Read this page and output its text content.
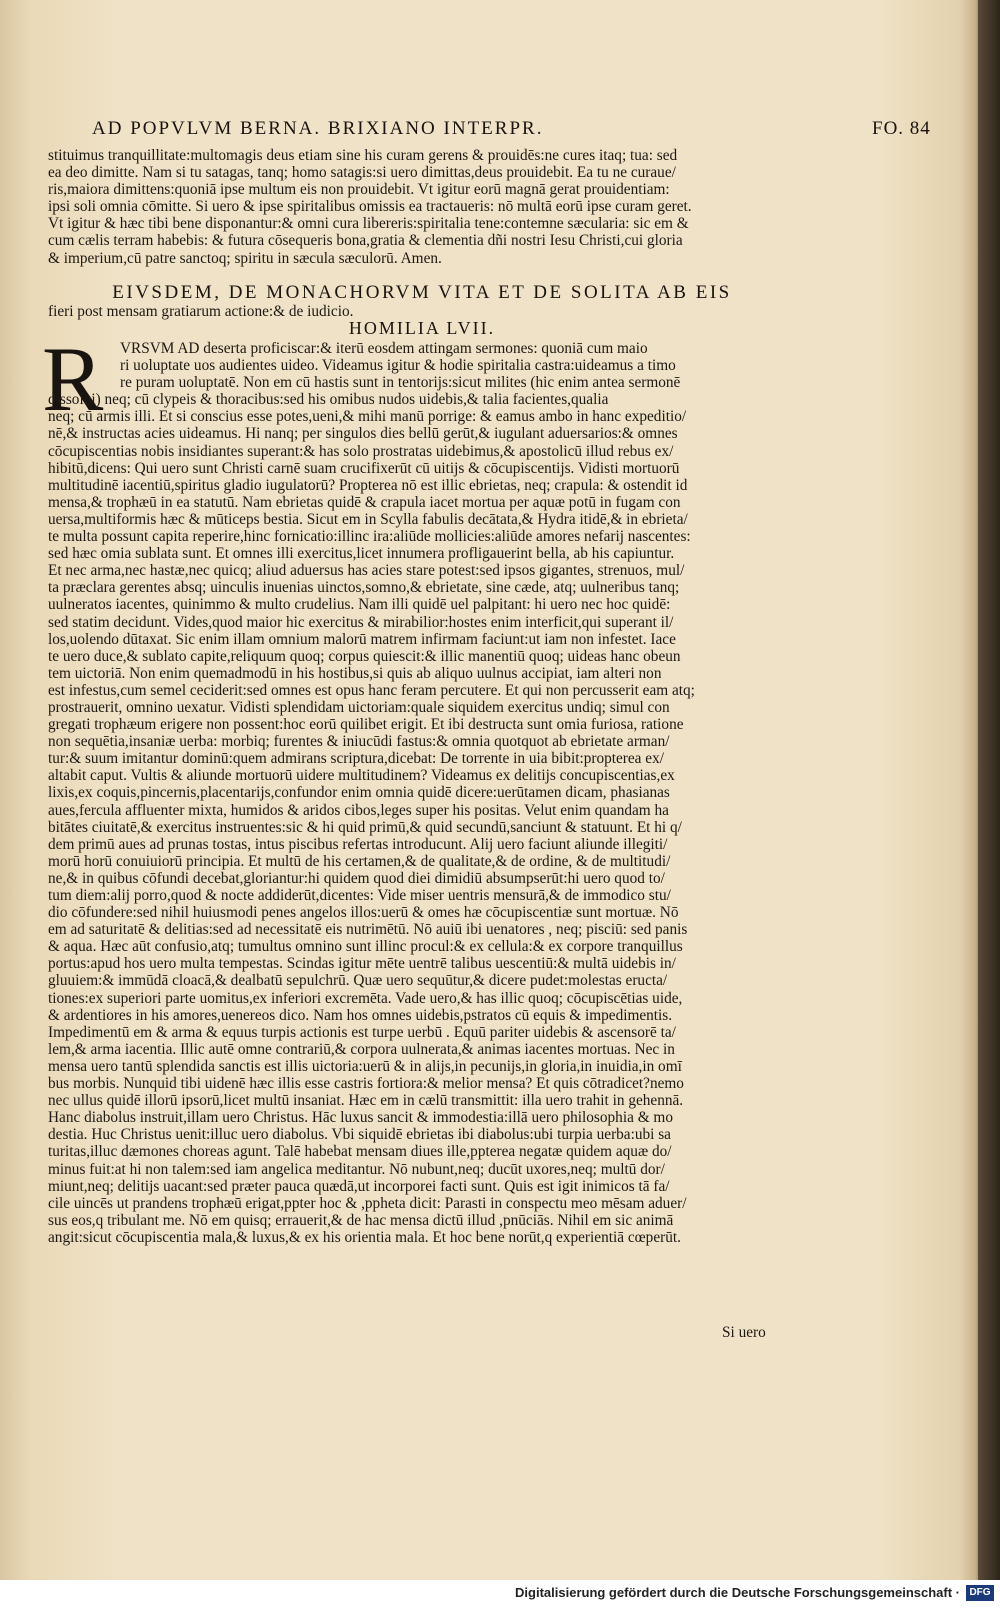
AD POPVLVM BERNA. BRIXIANO INTERPR.	FO. 84
stituimus tranquillitate:multomagis deus etiam sine his curam gerens & prouidēs:ne cures itaq; tua: sed
ea deo dimitte. Nam si tu satagas, tanq; homo satagis:si uero dimittas,deus prouidebit. Ea tu ne curaue/
ris,maiora dimittens:quoniā ipse multum eis non prouidebit. Vt igitur eorū magnā gerat prouidentiam:
ipsi soli omnia cōmitte. Si uero & ipse spiritalibus omissis ea tractaueris: nō multā eorū ipse curam geret.
Vt igitur & hæc tibi bene disponantur:& omni cura libereris:spiritalia tene:contemne sæcularia: sic em &
cum cælis terram habebis: & futura cōsequeris bona,gratia & clementia dñi nostri Iesu Christi,cui gloria
& imperium,cū patre sanctoq; spiritu in sæcula sæculorū. Amen.
EIVSDEM, DE MONACHORVM VITA ET DE SOLITA AB EIS
fieri post mensam gratiarum actione:& de iudicio.
HOMILIA LVII.
R	VRSVM AD deserta proficiscar:& iterū eosdem attingam sermones: quoniā cum maio
ri uoluptate uos audientes uideo. Videamus igitur & hodie spiritalia castra:uideamus a timo
re puram uoluptatē. Non em cū hastis sunt in tentorijs:sicut milites (hic enim antea sermonē
dissolui) neq; cū clypeis & thoracibus:sed his omibus nudos uidebis,& talia facientes,qualia
neq; cū armis illi. Et si conscius esse potes,ueni,& mihi manū porrige: & eamus ambo in hanc expeditio/
nē,& instructas acies uideamus. Hi nanq; per singulos dies bellū gerūt,& iugulant aduersarios:& omnes
cōcupiscentias nobis insidiantes superant:& has solo prostratas uidebimus,& apostolicū illud rebus ex/
hibitū,dicens: Qui uero sunt Christi carnē suam crucifixerūt cū uitijs & cōcupiscentijs. Vidisti mortuorū
multitudinē iacentiū,spiritus gladio iugulatorū? Propterea nō est illic ebrietas, neq; crapula: & ostendit id
mensa,& trophæū in ea statutū. Nam ebrietas quidē & crapula iacet mortua per aquæ potū in fugam con
uersa,multiformis hæc & mūticeps bestia. Sicut em in Scylla fabulis decātata,& Hydra itidē,& in ebrieta/
te multa possunt capita reperire,hinc fornicatio:illinc ira:aliūde mollicies:aliūde amores nefarij nascentes:
sed hæc omia sublata sunt. Et omnes illi exercitus,licet innumera profligauerint bella, ab his capiuntur.
Et nec arma,nec hastæ,nec quicq; aliud aduersus has acies stare potest:sed ipsos gigantes, strenuos, mul/
ta præclara gerentes absq; uinculis inuenias uinctos,somno,& ebrietate, sine cæde, atq; uulneribus tanq;
uulneratos iacentes, quinimmo & multo crudelius. Nam illi quidē uel palpitant: hi uero nec hoc quidē:
sed statim decidunt. Vides,quod maior hic exercitus & mirabilior:hostes enim interficit,qui superant il/
los,uolendo dūtaxat. Sic enim illam omnium malorū matrem infirmam faciunt:ut iam non infestet. Iace
te uero duce,& sublato capite,reliquum quoq; corpus quiescit:& illic manentiū quoq; uideas hanc obeun
tem uictoriā. Non enim quemadmodū in his hostibus,si quis ab aliquo uulnus accipiat, iam alteri non
est infestus,cum semel ceciderit:sed omnes est opus hanc feram percutere. Et qui non percusserit eam atq;
prostrauerit, omnino uexatur. Vidisti splendidam uictoriam:quale siquidem exercitus undiq; simul con
gregati trophæum erigere non possent:hoc eorū quilibet erigit. Et ibi destructa sunt omia furiosa, ratione
non sequētia,insaniæ uerba: morbiq; furentes & iniucūdi fastus:& omnia quotquot ab ebrietate arman/
tur:& suum imitantur dominū:quem admirans scriptura,dicebat: De torrente in uia bibit:propterea ex/
altabit caput. Vultis & aliunde mortuorū uidere multitudinem? Videamus ex delitijs concupiscentias,ex
lixis,ex coquis,pincernis,placentarijs,confundor enim omnia quidē dicere:uerūtamen dicam, phasianas
aues,fercula affluenter mixta, humidos & aridos cibos,leges super his positas. Velut enim quandam ha
bitātes ciuitatē,& exercitus instruentes:sic & hi quid primū,& quid secundū,sanciunt & statuunt. Et hi q/
dem primū aues ad prunas tostas, intus piscibus refertas introducunt. Alij uero faciunt aliunde illegiti/
morū horū conuiuiorū principia. Et multū de his certamen,& de qualitate,& de ordine, & de multitudi/
ne,& in quibus cōfundi decebat,gloriantur:hi quidem quod diei dimidiū absumpserūt:hi uero quod to/
tum diem:alij porro,quod & nocte addiderūt,dicentes: Vide miser uentris mensurā,& de immodico stu/
dio cōfundere:sed nihil huiusmodi penes angelos illos:uerū & omes hæ cōcupiscentiæ sunt mortuæ. Nō
em ad saturitatē & delitias:sed ad necessitatē eis nutrimētū. Nō auiū ibi uenatores , neq; pisciū: sed panis
& aqua. Hæc aūt confusio,atq; tumultus omnino sunt illinc procul:& ex cellula:& ex corpore tranquillus
portus:apud hos uero multa tempestas. Scindas igitur mēte uentrē talibus uescentiū:& multā uidebis in/
gluuiem:& immūdā cloacā,& dealbatū sepulchrū. Quæ uero sequūtur,& dicere pudet:molestas eructa/
tiones:ex superiori parte uomitus,ex inferiori excremēta. Vade uero,& has illic quoq; cōcupiscētias uide,
& ardentiores in his amores,uenereos dico. Nam hos omnes uidebis,pstratos cū equis & impedimentis.
Impedimentū em & arma & equus turpis actionis est turpe uerbū . Equū pariter uidebis & ascensorē ta/
lem,& arma iacentia. Illic autē omne contrariū,& corpora uulnerata,& animas iacentes mortuas. Nec in
mensa uero tantū splendida sanctis est illis uictoria:uerū & in alijs,in pecunijs,in gloria,in inuidia,in omī
bus morbis. Nunquid tibi uidenē hæc illis esse castris fortiora:& melior mensa? Et quis cōtradicet?nemo
nec ullus quidē illorū ipsorū,licet multū insaniat. Hæc em in cælū transmittit: illa uero trahit in gehennā.
Hanc diabolus instruit,illam uero Christus. Hāc luxus sancit & immodestia:illā uero philosophia & mo
destia. Huc Christus uenit:illuc uero diabolus. Vbi siquidē ebrietas ibi diabolus:ubi turpia uerba:ubi sa
turitas,illuc dæmones choreas agunt. Talē habebat mensam diues ille,ppterea negatæ quidem aquæ do/
minus fuit:at hi non talem:sed iam angelica meditantur. Nō nubunt,neq; ducūt uxores,neq; multū dor/
miunt,neq; delitijs uacant:sed præter pauca quædā,ut incorporei facti sunt. Quis est igit inimicos tā fa/
cile uincēs ut prandens trophæū erigat,ppter hoc & ,ppheta dicit: Parasti in conspectu meo mēsam aduer/
sus eos,q tribulant me. Nō em quisq; errauerit,& de hac mensa dictū illud ,pnūciās. Nihil em sic animā
angit:sicut cōcupiscentia mala,& luxus,& ex his orientia mala. Et hoc bene norūt,q experientiā cœperūt.
Si uero
Digitalisierung gefördert durch die Deutsche Forschungsgemeinschaft · DFG
